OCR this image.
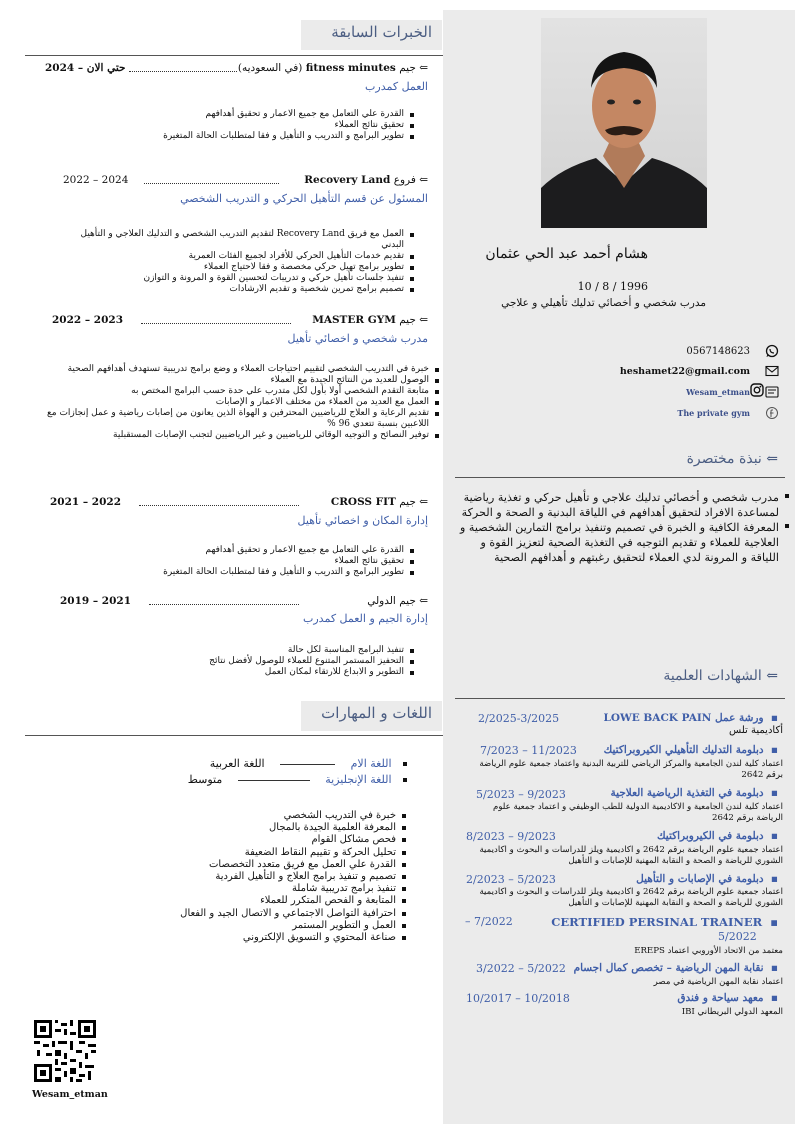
الخبرات السابقة
⇐ جيم fitness minutes (في السعوديه)
2024 – حتي الان
العمل كمدرب
القدرة علي التعامل مع جميع الاعمار و تحقيق أهدافهم
تحقيق نتائج العملاء
تطوير البرامج و التدريب و التأهيل و فقا لمتطلبات الحالة المتغيرة
⇐ فروع Recovery Land
2022 – 2024
المسئول عن قسم التأهيل الحركي و التدريب الشخصي
العمل مع فريق Recovery Land لتقديم التدريب الشخصي و التدليك العلاجي و التأهيل البدني
تقديم خدمات التأهيل الحركي للأفراد لجميع الفئات العمرية
تطوير برامج تهيل حركي مخصصة و فقا لاحتياج العملاء
تنفيذ جلسات تأهيل حركي و تدريبات لتحسين القوة و المرونة و التوازن
تصميم برامج تمرين شخصية و تقديم الارشادات
⇐ جيم MASTER GYM
2022 – 2023
مدرب شخصي و اخصائي تأهيل
خبرة في التدريب الشخصي لتقييم احتياجات العملاء و وضع برامج تدريبية تستهدف أهدافهم الصحية
الوصول للعديد من النتائج الجيدة مع العملاء
متابعة التقدم الشخصي أولا بأول لكل متدرب علي حدة حسب البرامج المختص به
العمل مع العديد من العملاء من مختلف الاعمار و الإصابات
تقديم الرعاية و العلاج للرياضيين المحترفين و الهواة الذين يعانون من إصابات رياضية و عمل إنجازات مع اللاعبين بنسبة تتعدي 96 %
توفير النصائح و التوجيه الوقائي للرياضيين و غير الرياضيين لتجنب الإصابات المستقبلية
⇐ جيم CROSS FIT
2021 – 2022
إدارة المكان و اخصائي تأهيل
القدرة علي التعامل مع جميع الاعمار و تحقيق أهدافهم
تحقيق نتائج العملاء
تطوير البرامج و التدريب و التأهيل و فقا لمتطلبات الحالة المتغيرة
⇐ جيم الدولي
2019 – 2021
إدارة الجيم و العمل كمدرب
تنفيذ البرامج المناسبة لكل حالة
التحفيز المستمر المتنوع للعملاء للوصول لأفضل نتائج
التطوير و الابداع للارتقاء لمكان العمل
اللغات و المهارات
اللغة الام  اللغة العربية
اللغة الإنجليزية  متوسط
خبرة في التدريب الشخصي
المعرفة العلمية الجيدة بالمجال
فحص مشاكل القوام
تحليل الحركة و تقييم النقاط الضعيفة
القدرة علي العمل مع فريق متعدد التخصصات
تصميم و تنفيذ برامج العلاج و التأهيل الفردية
تنفيذ برامج تدريبية شاملة
المتابعة و الفحص المتكرر للعملاء
احترافية التواصل الاجتماعي و الاتصال الجيد و الفعال
العمل و التطوير المستمر
صناعة المحتوي و التسويق الإلكتروني
Wesam_etman
هشام أحمد عبد الحي عثمان
10 / 8 / 1996
مدرب شخصي و أخصائي تدليك تأهيلي و علاجي
0567148623
heshamet22@gmail.com
Wesam_etman
The private gym
⇐ نبذة مختصرة
مدرب شخصي و أخصائي تدليك علاجي و تأهيل حركي و تغذية رياضية لمساعدة الافراد لتحقيق أهدافهم في اللياقة البدنية و الصحة و الحركة
المعرفة الكافية و الخبرة في تصميم وتنفيذ برامج التمارين الشخصية و العلاجية للعملاء و تقديم التوجيه في التغذية الصحية لتعزيز القوة و اللياقة و المرونة لدي العملاء لتحقيق رغبتهم و أهدافهم الصحية
⇐ الشهادات العلمية
▪  ورشة عمل LOWE BACK PAIN
2/2025-3/2025
أكاديمية تلس
▪  دبلومة التدليك التأهيلي الكيروبراكتيك
7/2023 – 11/2023
اعتماد كلية لندن الجامعية والمركز الرياضي للتربية البدنية واعتماد جمعية علوم الرياضة برقم 2642
▪  دبلومة في التغذية الرياضية العلاجية
5/2023 – 9/2023
اعتماد كلية لندن الجامعية و الاكاديمية الدولية للطب الوظيفي و اعتماد جمعية علوم الرياضة برقم 2642
▪  دبلومة في الكيروبراكتيك
8/2023 – 9/2023
اعتماد جمعية علوم الرياضة برقم 2642 و اكاديمية ويلز للدراسات و البحوث و اكاديمية الشوري للرياضة و الصحة و النقابة المهنية للإصابات و التأهيل
▪  دبلومة في الإصابات و التأهيل
2/2023 – 5/2023
اعتماد جمعية علوم الرياضة برقم 2642 و اكاديمية ويلز للدراسات و البحوث و اكاديمية الشوري للرياضة و الصحة و النقابة المهنية للإصابات و التأهيل
▪  CERTIFIED PERSINAL TRAINER
– 7/2022
5/2022
معتمد من الاتحاد الأوروبي اعتماد EREPS
▪  نقابة المهن الرياضية – تخصص كمال اجسام
3/2022 – 5/2022
اعتماد نقابة المهن الرياضية في مصر
▪  معهد سياحة و فندق
10/2017 – 10/2018
المعهد الدولي البريطاني IBI
